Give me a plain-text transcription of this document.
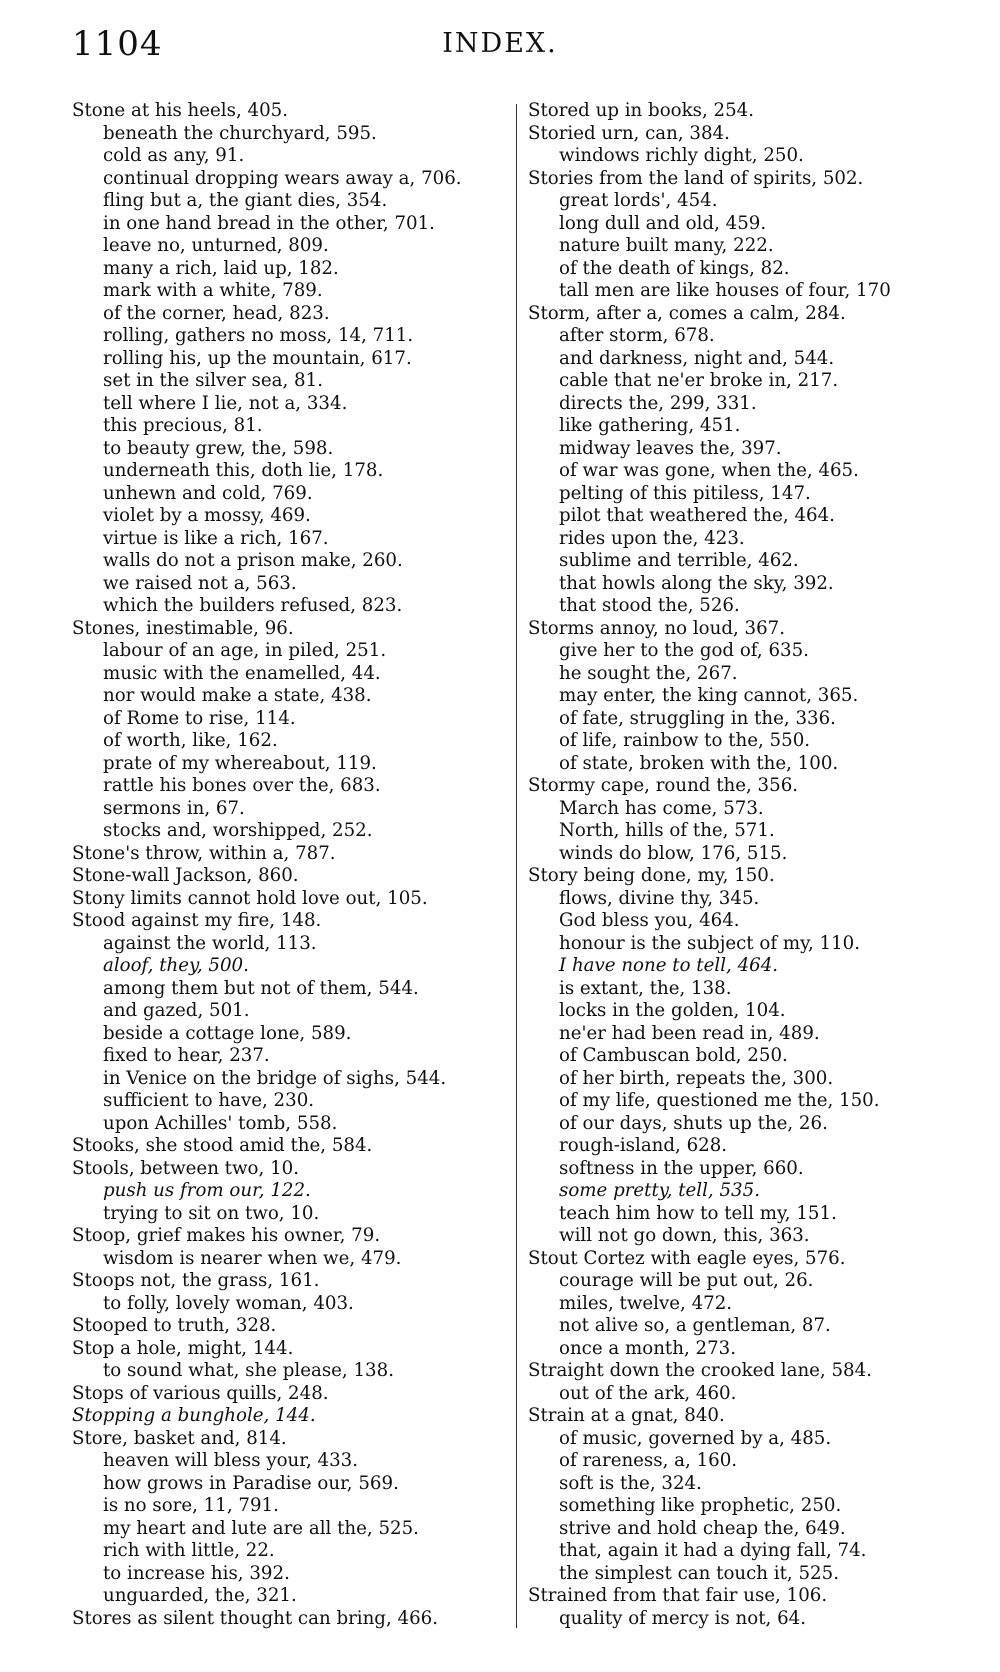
1104	INDEX.
Stone at his heels, 405.
beneath the churchyard, 595.
cold as any, 91.
continual dropping wears away a, 706.
fling but a, the giant dies, 354.
in one hand bread in the other, 701.
leave no, unturned, 809.
many a rich, laid up, 182.
mark with a white, 789.
of the corner, head, 823.
rolling, gathers no moss, 14, 711.
rolling his, up the mountain, 617.
set in the silver sea, 81.
tell where I lie, not a, 334.
this precious, 81.
to beauty grew, the, 598.
underneath this, doth lie, 178.
unhewn and cold, 769.
violet by a mossy, 469.
virtue is like a rich, 167.
walls do not a prison make, 260.
we raised not a, 563.
which the builders refused, 823.
Stones, inestimable, 96.
labour of an age, in piled, 251.
music with the enamelled, 44.
nor would make a state, 438.
of Rome to rise, 114.
of worth, like, 162.
prate of my whereabout, 119.
rattle his bones over the, 683.
sermons in, 67.
stocks and, worshipped, 252.
Stone's throw, within a, 787.
Stone-wall Jackson, 860.
Stony limits cannot hold love out, 105.
Stood against my fire, 148.
against the world, 113.
aloof, they, 500.
among them but not of them, 544.
and gazed, 501.
beside a cottage lone, 589.
fixed to hear, 237.
in Venice on the bridge of sighs, 544.
sufficient to have, 230.
upon Achilles' tomb, 558.
Stooks, she stood amid the, 584.
Stools, between two, 10.
push us from our, 122.
trying to sit on two, 10.
Stoop, grief makes his owner, 79.
wisdom is nearer when we, 479.
Stoops not, the grass, 161.
to folly, lovely woman, 403.
Stooped to truth, 328.
Stop a hole, might, 144.
to sound what, she please, 138.
Stops of various quills, 248.
Stopping a bunghole, 144.
Store, basket and, 814.
heaven will bless your, 433.
how grows in Paradise our, 569.
is no sore, 11, 791.
my heart and lute are all the, 525.
rich with little, 22.
to increase his, 392.
unguarded, the, 321.
Stores as silent thought can bring, 466.
Stored up in books, 254.
Storied urn, can, 384.
windows richly dight, 250.
Stories from the land of spirits, 502.
great lords', 454.
long dull and old, 459.
nature built many, 222.
of the death of kings, 82.
tall men are like houses of four, 170
Storm, after a, comes a calm, 284.
after storm, 678.
and darkness, night and, 544.
cable that ne'er broke in, 217.
directs the, 299, 331.
like gathering, 451.
midway leaves the, 397.
of war was gone, when the, 465.
pelting of this pitiless, 147.
pilot that weathered the, 464.
rides upon the, 423.
sublime and terrible, 462.
that howls along the sky, 392.
that stood the, 526.
Storms annoy, no loud, 367.
give her to the god of, 635.
he sought the, 267.
may enter, the king cannot, 365.
of fate, struggling in the, 336.
of life, rainbow to the, 550.
of state, broken with the, 100.
Stormy cape, round the, 356.
March has come, 573.
North, hills of the, 571.
winds do blow, 176, 515.
Story being done, my, 150.
flows, divine thy, 345.
God bless you, 464.
honour is the subject of my, 110.
I have none to tell, 464.
is extant, the, 138.
locks in the golden, 104.
ne'er had been read in, 489.
of Cambuscan bold, 250.
of her birth, repeats the, 300.
of my life, questioned me the, 150.
of our days, shuts up the, 26.
rough-island, 628.
softness in the upper, 660.
some pretty, tell, 535.
teach him how to tell my, 151.
will not go down, this, 363.
Stout Cortez with eagle eyes, 576.
courage will be put out, 26.
miles, twelve, 472.
not alive so, a gentleman, 87.
once a month, 273.
Straight down the crooked lane, 584.
out of the ark, 460.
Strain at a gnat, 840.
of music, governed by a, 485.
of rareness, a, 160.
soft is the, 324.
something like prophetic, 250.
strive and hold cheap the, 649.
that, again it had a dying fall, 74.
the simplest can touch it, 525.
Strained from that fair use, 106.
quality of mercy is not, 64.
